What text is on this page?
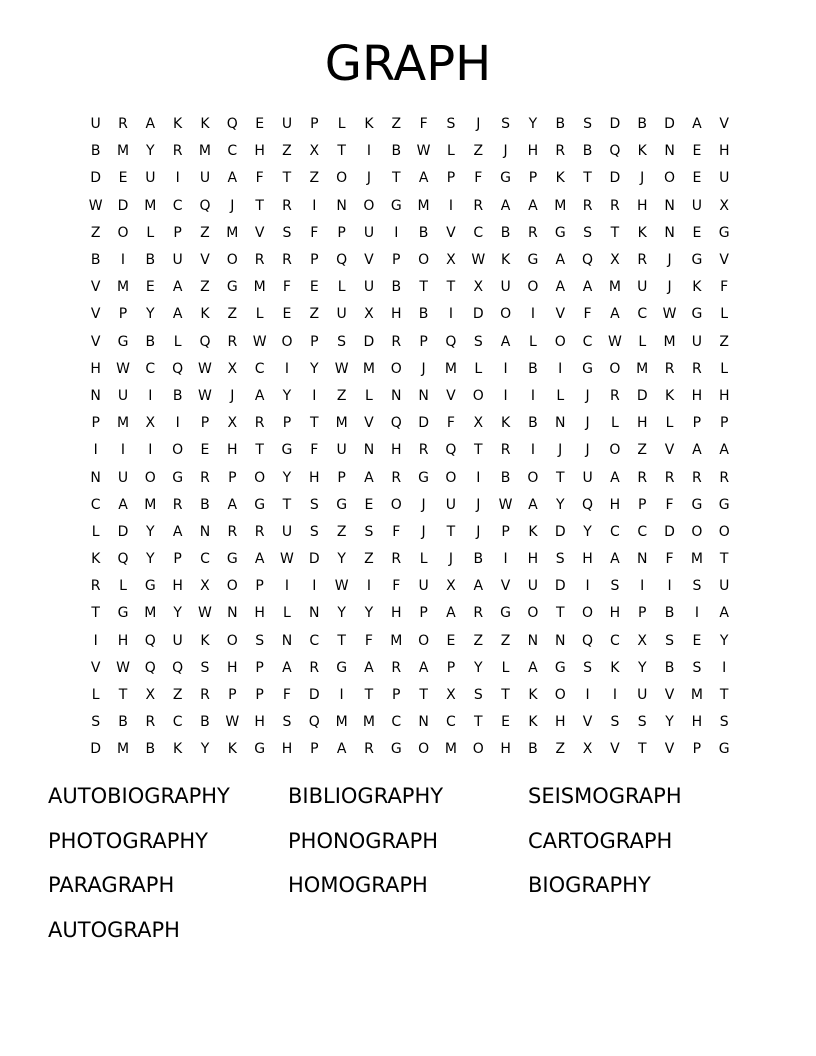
GRAPH
U	R	A	K	K	Q	E	U	P	L	K	Z	F	S	J	S	Y	B	S	D	B	D	A	V
B	M	Y	R	M	C	H	Z	X	T	I	B	W	L	Z	J	H	R	B	Q	K	N	E	H
D	E	U	I	U	A	F	T	Z	O	J	T	A	P	F	G	P	K	T	D	J	O	E	U
W	D	M	C	Q	J	T	R	I	N	O	G	M	I	R	A	A	M	R	R	H	N	U	X
Z	O	L	P	Z	M	V	S	F	P	U	I	B	V	C	B	R	G	S	T	K	N	E	G
B	I	B	U	V	O	R	R	P	Q	V	P	O	X	W	K	G	A	Q	X	R	J	G	V
V	M	E	A	Z	G	M	F	E	L	U	B	T	T	X	U	O	A	A	M	U	J	K	F
V	P	Y	A	K	Z	L	E	Z	U	X	H	B	I	D	O	I	V	F	A	C	W	G	L
V	G	B	L	Q	R	W	O	P	S	D	R	P	Q	S	A	L	O	C	W	L	M	U	Z
H	W	C	Q	W	X	C	I	Y	W	M	O	J	M	L	I	B	I	G	O	M	R	R	L
N	U	I	B	W	J	A	Y	I	Z	L	N	N	V	O	I	I	L	J	R	D	K	H	H
P	M	X	I	P	X	R	P	T	M	V	Q	D	F	X	K	B	N	J	L	H	L	P	P
I	I	I	O	E	H	T	G	F	U	N	H	R	Q	T	R	I	J	J	O	Z	V	A	A
N	U	O	G	R	P	O	Y	H	P	A	R	G	O	I	B	O	T	U	A	R	R	R	R
C	A	M	R	B	A	G	T	S	G	E	O	J	U	J	W	A	Y	Q	H	P	F	G	G
L	D	Y	A	N	R	R	U	S	Z	S	F	J	T	J	P	K	D	Y	C	C	D	O	O
K	Q	Y	P	C	G	A	W	D	Y	Z	R	L	J	B	I	H	S	H	A	N	F	M	T
R	L	G	H	X	O	P	I	I	W	I	F	U	X	A	V	U	D	I	S	I	I	S	U
T	G	M	Y	W	N	H	L	N	Y	Y	H	P	A	R	G	O	T	O	H	P	B	I	A
I	H	Q	U	K	O	S	N	C	T	F	M	O	E	Z	Z	N	N	Q	C	X	S	E	Y
V	W	Q	Q	S	H	P	A	R	G	A	R	A	P	Y	L	A	G	S	K	Y	B	S	I
L	T	X	Z	R	P	P	F	D	I	T	P	T	X	S	T	K	O	I	I	U	V	M	T
S	B	R	C	B	W	H	S	Q	M	M	C	N	C	T	E	K	H	V	S	S	Y	H	S
D	M	B	K	Y	K	G	H	P	A	R	G	O	M	O	H	B	Z	X	V	T	V	P	G
AUTOBIOGRAPHY	BIBLIOGRAPHY	SEISMOGRAPH
PHOTOGRAPHY	PHONOGRAPH	CARTOGRAPH
PARAGRAPH	HOMOGRAPH	BIOGRAPHY
AUTOGRAPH
